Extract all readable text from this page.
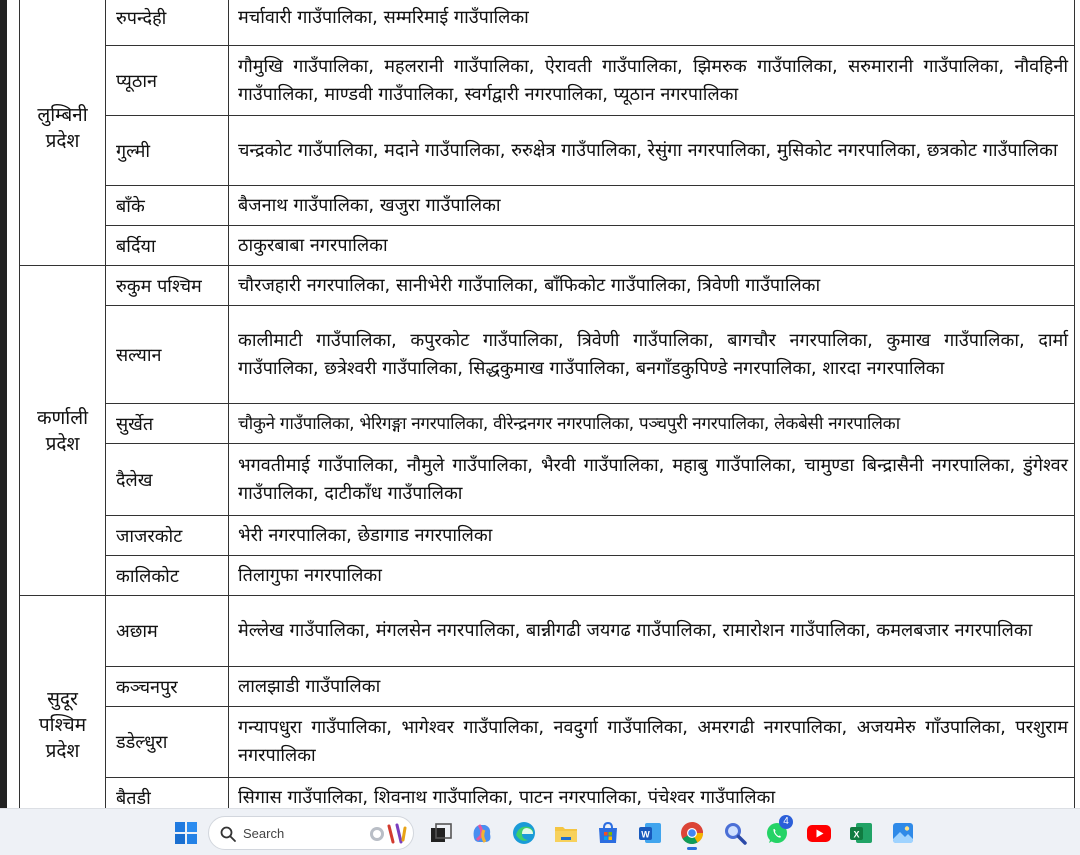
लुम्बिनी
प्रदेश	रुपन्देही	मर्चावारी गाउँपालिका, सम्मरिमाई गाउँपालिका
	प्यूठान	गौमुखि गाउँपालिका, महलरानी गाउँपालिका, ऐरावती गाउँपालिका, झिमरुक गाउँपालिका, सरुमारानी गाउँपालिका, नौवहिनी गाउँपालिका, माण्डवी गाउँपालिका, स्वर्गद्वारी नगरपालिका, प्यूठान नगरपालिका
	गुल्मी	चन्द्रकोट गाउँपालिका, मदाने गाउँपालिका, रुरुक्षेत्र गाउँपालिका, रेसुंगा नगरपालिका, मुसिकोट नगरपालिका, छत्रकोट गाउँपालिका
	बाँके	बैजनाथ गाउँपालिका, खजुरा गाउँपालिका
	बर्दिया	ठाकुरबाबा नगरपालिका

कर्णाली
प्रदेश	रुकुम पश्चिम	चौरजहारी नगरपालिका, सानीभेरी गाउँपालिका, बाँफिकोट गाउँपालिका, त्रिवेणी गाउँपालिका
	सल्यान	कालीमाटी गाउँपालिका, कपुरकोट गाउँपालिका, त्रिवेणी गाउँपालिका, बागचौर नगरपालिका, कुमाख गाउँपालिका, दार्मा गाउँपालिका, छत्रेश्वरी गाउँपालिका, सिद्धकुमाख गाउँपालिका, बनगाँडकुपिण्डे नगरपालिका, शारदा नगरपालिका
	सुर्खेत	चौकुने गाउँपालिका, भेरिगङ्गा नगरपालिका, वीरेन्द्रनगर नगरपालिका, पञ्चपुरी नगरपालिका, लेकबेसी नगरपालिका
	दैलेख	भगवतीमाई गाउँपालिका, नौमुले गाउँपालिका, भैरवी गाउँपालिका, महाबु गाउँपालिका, चामुण्डा बिन्द्रासैनी नगरपालिका, डुंगेश्वर गाउँपालिका, दाटीकाँध गाउँपालिका
	जाजरकोट	भेरी नगरपालिका, छेडागाड नगरपालिका
	कालिकोट	तिलागुफा नगरपालिका

सुदूर
पश्चिम
प्रदेश	अछाम	मेल्लेख गाउँपालिका, मंगलसेन नगरपालिका, बान्नीगढी जयगढ गाउँपालिका, रामारोशन गाउँपालिका, कमलबजार नगरपालिका
	कञ्चनपुर	लालझाडी गाउँपालिका
	डडेल्धुरा	गन्यापधुरा गाउँपालिका, भागेश्वर गाउँपालिका, नवदुर्गा गाउँपालिका, अमरगढी नगरपालिका, अजयमेरु गाँउपालिका, परशुराम नगरपालिका
	बैतडी	सिगास गाउँपालिका, शिवनाथ गाउँपालिका, पाटन नगरपालिका, पंचेश्वर गाउँपालिका
Search	W
4
X
